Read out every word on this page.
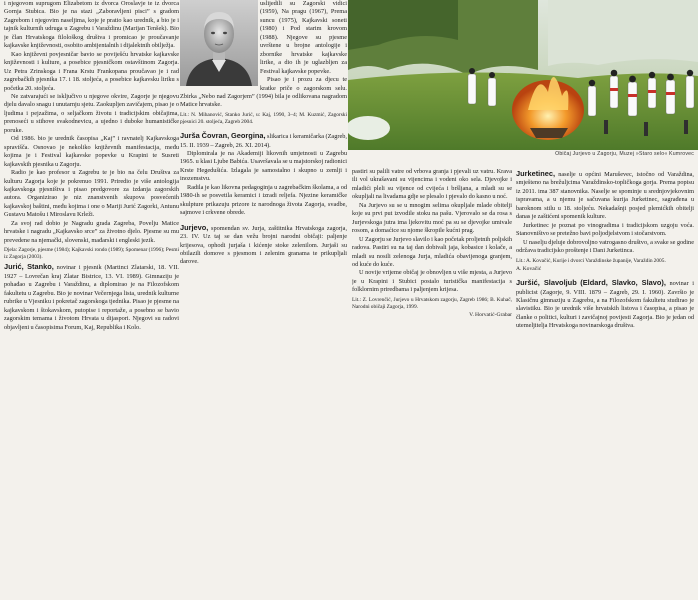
i njegovom suprugom Elizabetom iz dvorca Oroslavje te iz dvorca Gornja Stubica. Bio je na stazi „Zaboravljeni pisci” s gradom Zagrebom i njegovim naseljima, koje je pratio kao urednik, a bio je i tajnik kulturnih udruga u Zagrebu i Varaždinu (Marijan Tenšek). Bio je član Hrvatskoga filološkog društva i promicao je proučavanje kajkavske književnosti, osobito ambijentalnih i dijalektnih obilježja.

Kao književni povjesničar bavio se poviješću hrvatske kajkavske književnosti i kulture, a posebice pjesničkom ostavštinom Zagorja. Uz Petra Zrinskoga i Frana Krstu Frankopana proučavao je i rad zagrebačkih pjesnika 17. i 18. stoljeća, a posebice kajkavsku liriku s početka 20. stoljeća.

Ne zatvarajući se isključivo u njegove okvire, Zagorje je njegovu djelu davalo snagu i unutarnju sjetu. Zaokupljen zavičajem, pisao je o ljudima i pejzažima, o seljačkom životu i tradicijskim običajima, prenoseći u stihove svakodnevicu, a ujedno i duboke humanističke poruke.

Od 1986. bio je urednik časopisa „Kaj” i ravnatelj Kajkavskoga spravišča. Osnovao je nekoliko književnih manifestacija, među kojima je i Festival kajkavske popevke u Krapini te Susreti kajkavskih pjesnika u Zagorju.

Radio je kao profesor u Zagrebu te je bio na čelu Društva za kulturu Zagorja koje je pokrenuo 1991. Priredio je više antologija kajkavskoga pjesništva i pisao predgovore za izdanja zagorskih autora. Organizirao je niz znanstvenih skupova posvećenih kajkavskoj baštini, među kojima i one o Mariji Jurić Zagorki, Antunu Gustavu Matošu i Miroslavu Krleži.

Za svoj rad dobio je Nagradu grada Zagreba, Povelju Matice hrvatske i nagradu „Kajkavsko srce” za životno djelo. Pjesme su mu prevedene na njemački, slovenski, mađarski i engleski jezik.

Djela: Zagorje, pjesme (1984); Kajkavski rondo (1989); Spomenar (1996); Pesmi iz Zagorja (2003).

Jurić, Stanko, novinar i pjesnik (Martinci Zlatarski, 18. VII. 1927 – Lovrečan kraj Zlatar Bistrice, 13. VI. 1989). Gimnaziju je pohađao u Zagrebu i Varaždinu, a diplomirao je na Filozofskom fakultetu u Zagrebu. Bio je novinar Večernjega lista, urednik kulturne rubrike u Vjesniku i pokretač zagorskoga tjednika. Pisao je pjesme na kajkavskom i štokavskom, putopise i reportaže, a posebno se bavio zagorskim temama i životom Hrvata u dijaspori. Njegovi su radovi objavljeni u časopisima Forum, Kaj, Republika i Kolo.

uslijedili su Zagorski vidici (1959), Na pragu (1967), Prema suncu (1975), Kajkavski soneti (1980) i Pod starim krovom (1988). Njegove su pjesme uvrštene u brojne antologije i zbornike hrvatske kajkavske lirike, a dio ih je uglazbljen za Festival kajkavske popevke.

Pisao je i prozu za djecu te kratke priče o zagorskom selu. Zbirka „Nebo nad Zagorjem” (1994) bila je odlikovana nagradom Matice hrvatske.

Lit.: N. Mihanović, Stanko Jurić, u: Kaj, 1990, 3–4; M. Kuzmić, Zagorski pjesnici 20. stoljeća, Zagreb 2004.

Jurša Čovran, Georgina, slikarica i keramičarka (Zagreb, 15. II. 1939 – Zagreb, 26. XI. 2014).

Diplomirala je na Akademiji likovnih umjetnosti u Zagrebu 1965. u klasi Ljube Babića. Usavršavala se u majstorskoj radionici Krste Hegedušića. Izlagala je samostalno i skupno u zemlji i inozemstvu.

Radila je kao likovna pedagoginja u zagrebačkim školama, a od 1980-ih se posvetila keramici i izradi reljefa. Njezine keramičke skulpture prikazuju prizore iz narodnoga života Zagorja, svadbe, sajmove i crkvene obrede.

Jurjevo, spomendan sv. Jurja, zaštitnika Hrvatskoga zagorja, 23. IV. Uz taj se dan vežu brojni narodni običaji: paljenje krijesova, ophodi jurjaša i kićenje stoke zelenilom. Jurjaši su obilazili domove s pjesmom i zelenim granama te prikupljali darove.

Običaj Jurjevo u Zagorju, Muzej »Staro selo« Kumrovec

pastiri su palili vatre od vrbova granja i pjevali uz vatru. Krava ili vol ukrašavani su vijencima i vodeni oko sela. Djevojke i mladići pleli su vijence od cvijeća i bršljana, a mladi su se okupljali na livadama gdje se plesalo i pjevalo do kasno u noć.

Na Jurjevo su se u mnogim selima okupljale mlade obitelji koje su prvi put izvodile stoku na pašu. Vjerovalo se da rosa s Jurjevskoga jutra ima ljekovitu moć pa su se djevojke umivale rosom, a domaćice su njome škropile kućni prag.

U Zagorju se Jurjevo slavilo i kao početak proljetnih poljskih radova. Pastiri su na taj dan dobivali jaja, kobasice i kolače, a mladi su nosili zelenoga Jurja, mladića obavijenoga granjem, od kuće do kuće.

U novije vrijeme običaj je obnovljen u više mjesta, a Jurjevo je u Krapini i Stubici postalo turistička manifestacija s folklornim priredbama i paljenjem krijesa.

Lit.: Z. Lovrenčić, Jurjevo u Hrvatskom zagorju, Zagreb 1986; B. Kuhač, Narodni običaji Zagorja, 1999.

V. Horvatić-Grabar

Jurketinec, naselje u općini Maruševec, istočno od Varaždina, smješteno na brežuljcima Varaždinsko-topličkoga gorja. Prema popisu iz 2011. ima 387 stanovnika. Naselje se spominje u srednjovjekovnim ispravama, a u njemu je sačuvana kurija Jurketinec, sagrađena u baroknom stilu u 18. stoljeću. Nekadašnji posjed plemićkih obitelji danas je zaštićeni spomenik kulture.

Jurketinec je poznat po vinogradima i tradicijskom uzgoju voća. Stanovništvo se pretežno bavi poljodjelstvom i stočarstvom.

U naselju djeluje dobrovoljno vatrogasno društvo, a svake se godine održava tradicijsko proštenje i Dani Jurketinca.

Lit.: A. Kovačić, Kurije i dvorci Varaždinske županije, Varaždin 2005.

A. Kovačić

Juršić, Slavoljub (Eldard, Slavko, Slavo), novinar i publicist (Zagorje, 9. VIII. 1879 – Zagreb, 29. I. 1960). Završio je Klasičnu gimnaziju u Zagrebu, a na Filozofskom fakultetu studirao je slavistiku. Bio je urednik više hrvatskih listova i časopisa, a pisao je članke o politici, kulturi i zavičajnoj povijesti Zagorja. Bio je jedan od utemeljitelja Hrvatskoga novinarskoga društva.
